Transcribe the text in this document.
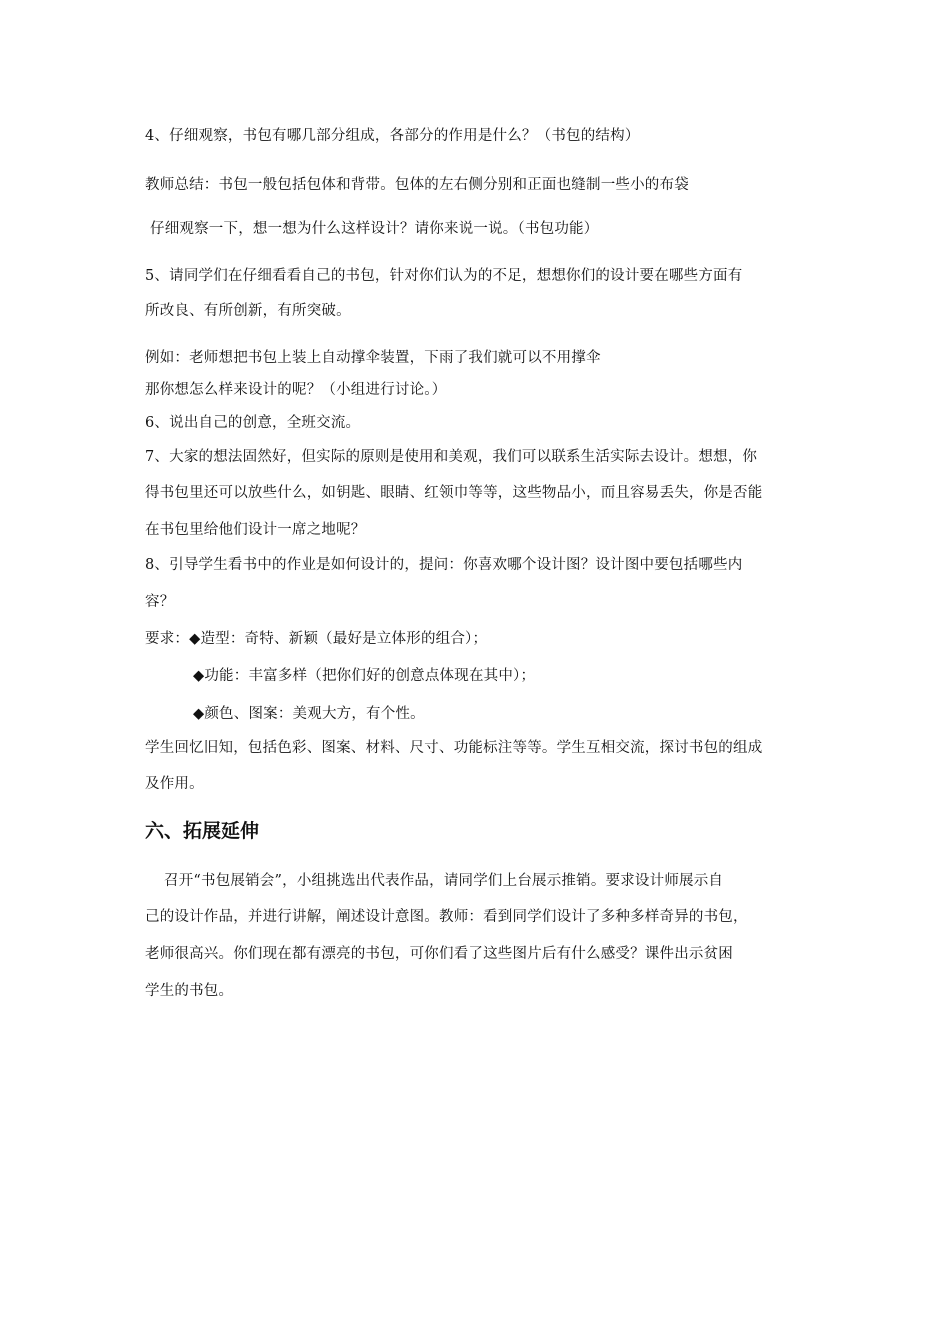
4、仔细观察，书包有哪几部分组成，各部分的作用是什么？（书包的结构）
教师总结：书包一般包括包体和背带。包体的左右侧分别和正面也缝制一些小的布袋
仔细观察一下，想一想为什么这样设计？请你来说一说。（书包功能）
5、请同学们在仔细看看自己的书包，针对你们认为的不足，想想你们的设计要在哪些方面有
所改良、有所创新，有所突破。
例如：老师想把书包上装上自动撑伞装置，下雨了我们就可以不用撑伞
那你想怎么样来设计的呢？（小组进行讨论。）
6、说出自己的创意，全班交流。
7、大家的想法固然好，但实际的原则是使用和美观，我们可以联系生活实际去设计。想想，你
得书包里还可以放些什么，如钥匙、眼睛、红领巾等等，这些物品小，而且容易丢失，你是否能
在书包里给他们设计一席之地呢？
8、引导学生看书中的作业是如何设计的，提问：你喜欢哪个设计图？设计图中要包括哪些内
容？
要求：◆造型：奇特、新颖（最好是立体形的组合）；
◆功能：丰富多样（把你们好的创意点体现在其中）；
◆颜色、图案：美观大方，有个性。
学生回忆旧知，包括色彩、图案、材料、尺寸、功能标注等等。学生互相交流，探讨书包的组成
及作用。
六、拓展延伸
召开“书包展销会”，小组挑选出代表作品，请同学们上台展示推销。要求设计师展示自
己的设计作品，并进行讲解，阐述设计意图。教师：看到同学们设计了多种多样奇异的书包，
老师很高兴。你们现在都有漂亮的书包，可你们看了这些图片后有什么感受？课件出示贫困
学生的书包。
